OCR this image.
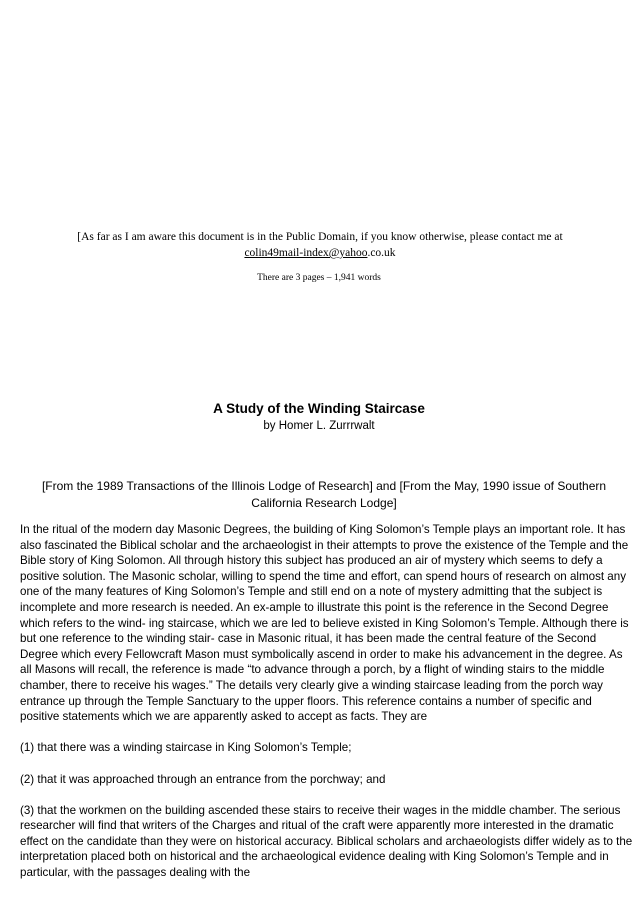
[As far as I am aware this document is in the Public Domain, if you know otherwise, please contact me at
colin49mail-index@yahoo.co.uk
There are 3 pages – 1,941 words
A Study of the Winding Staircase
by Homer L. Zurrrwalt
[From the 1989 Transactions of the Illinois Lodge of Research] and [From the May, 1990 issue of Southern California Research Lodge]

In the ritual of the modern day Masonic Degrees, the building of King Solomon’s Temple plays an important role. It has also fascinated the Biblical scholar and the archaeologist in their attempts to prove the existence of the Temple and the Bible story of King Solomon. All through history this subject has produced an air of mystery which seems to defy a positive solution. The Masonic scholar, willing to spend the time and effort, can spend hours of research on almost any one of the many features of King Solomon’s Temple and still end on a note of mystery admitting that the subject is incomplete and more research is needed. An ex-ample to illustrate this point is the reference in the Second Degree which refers to the wind- ing staircase, which we are led to believe existed in King Solomon’s Temple. Although there is but one reference to the winding stair- case in Masonic ritual, it has been made the central feature of the Second Degree which every Fellowcraft Mason must symbolically ascend in order to make his advancement in the degree. As all Masons will recall, the reference is made “to advance through a porch, by a flight of winding stairs to the middle chamber, there to receive his wages.” The details very clearly give a winding staircase leading from the porch way entrance up through the Temple Sanctuary to the upper floors. This reference contains a number of specific and positive statements which we are apparently asked to accept as facts. They are

(1) that there was a winding staircase in King Solomon’s Temple;

(2) that it was approached through an entrance from the porchway; and

(3) that the workmen on the building ascended these stairs to receive their wages in the middle chamber. The serious researcher will find that writers of the Charges and ritual of the craft were apparently more interested in the dramatic effect on the candidate than they were on historical accuracy. Biblical scholars and archaeologists differ widely as to the interpretation placed both on historical and the archaeological evidence dealing with King Solomon’s Temple and in particular, with the passages dealing with the
